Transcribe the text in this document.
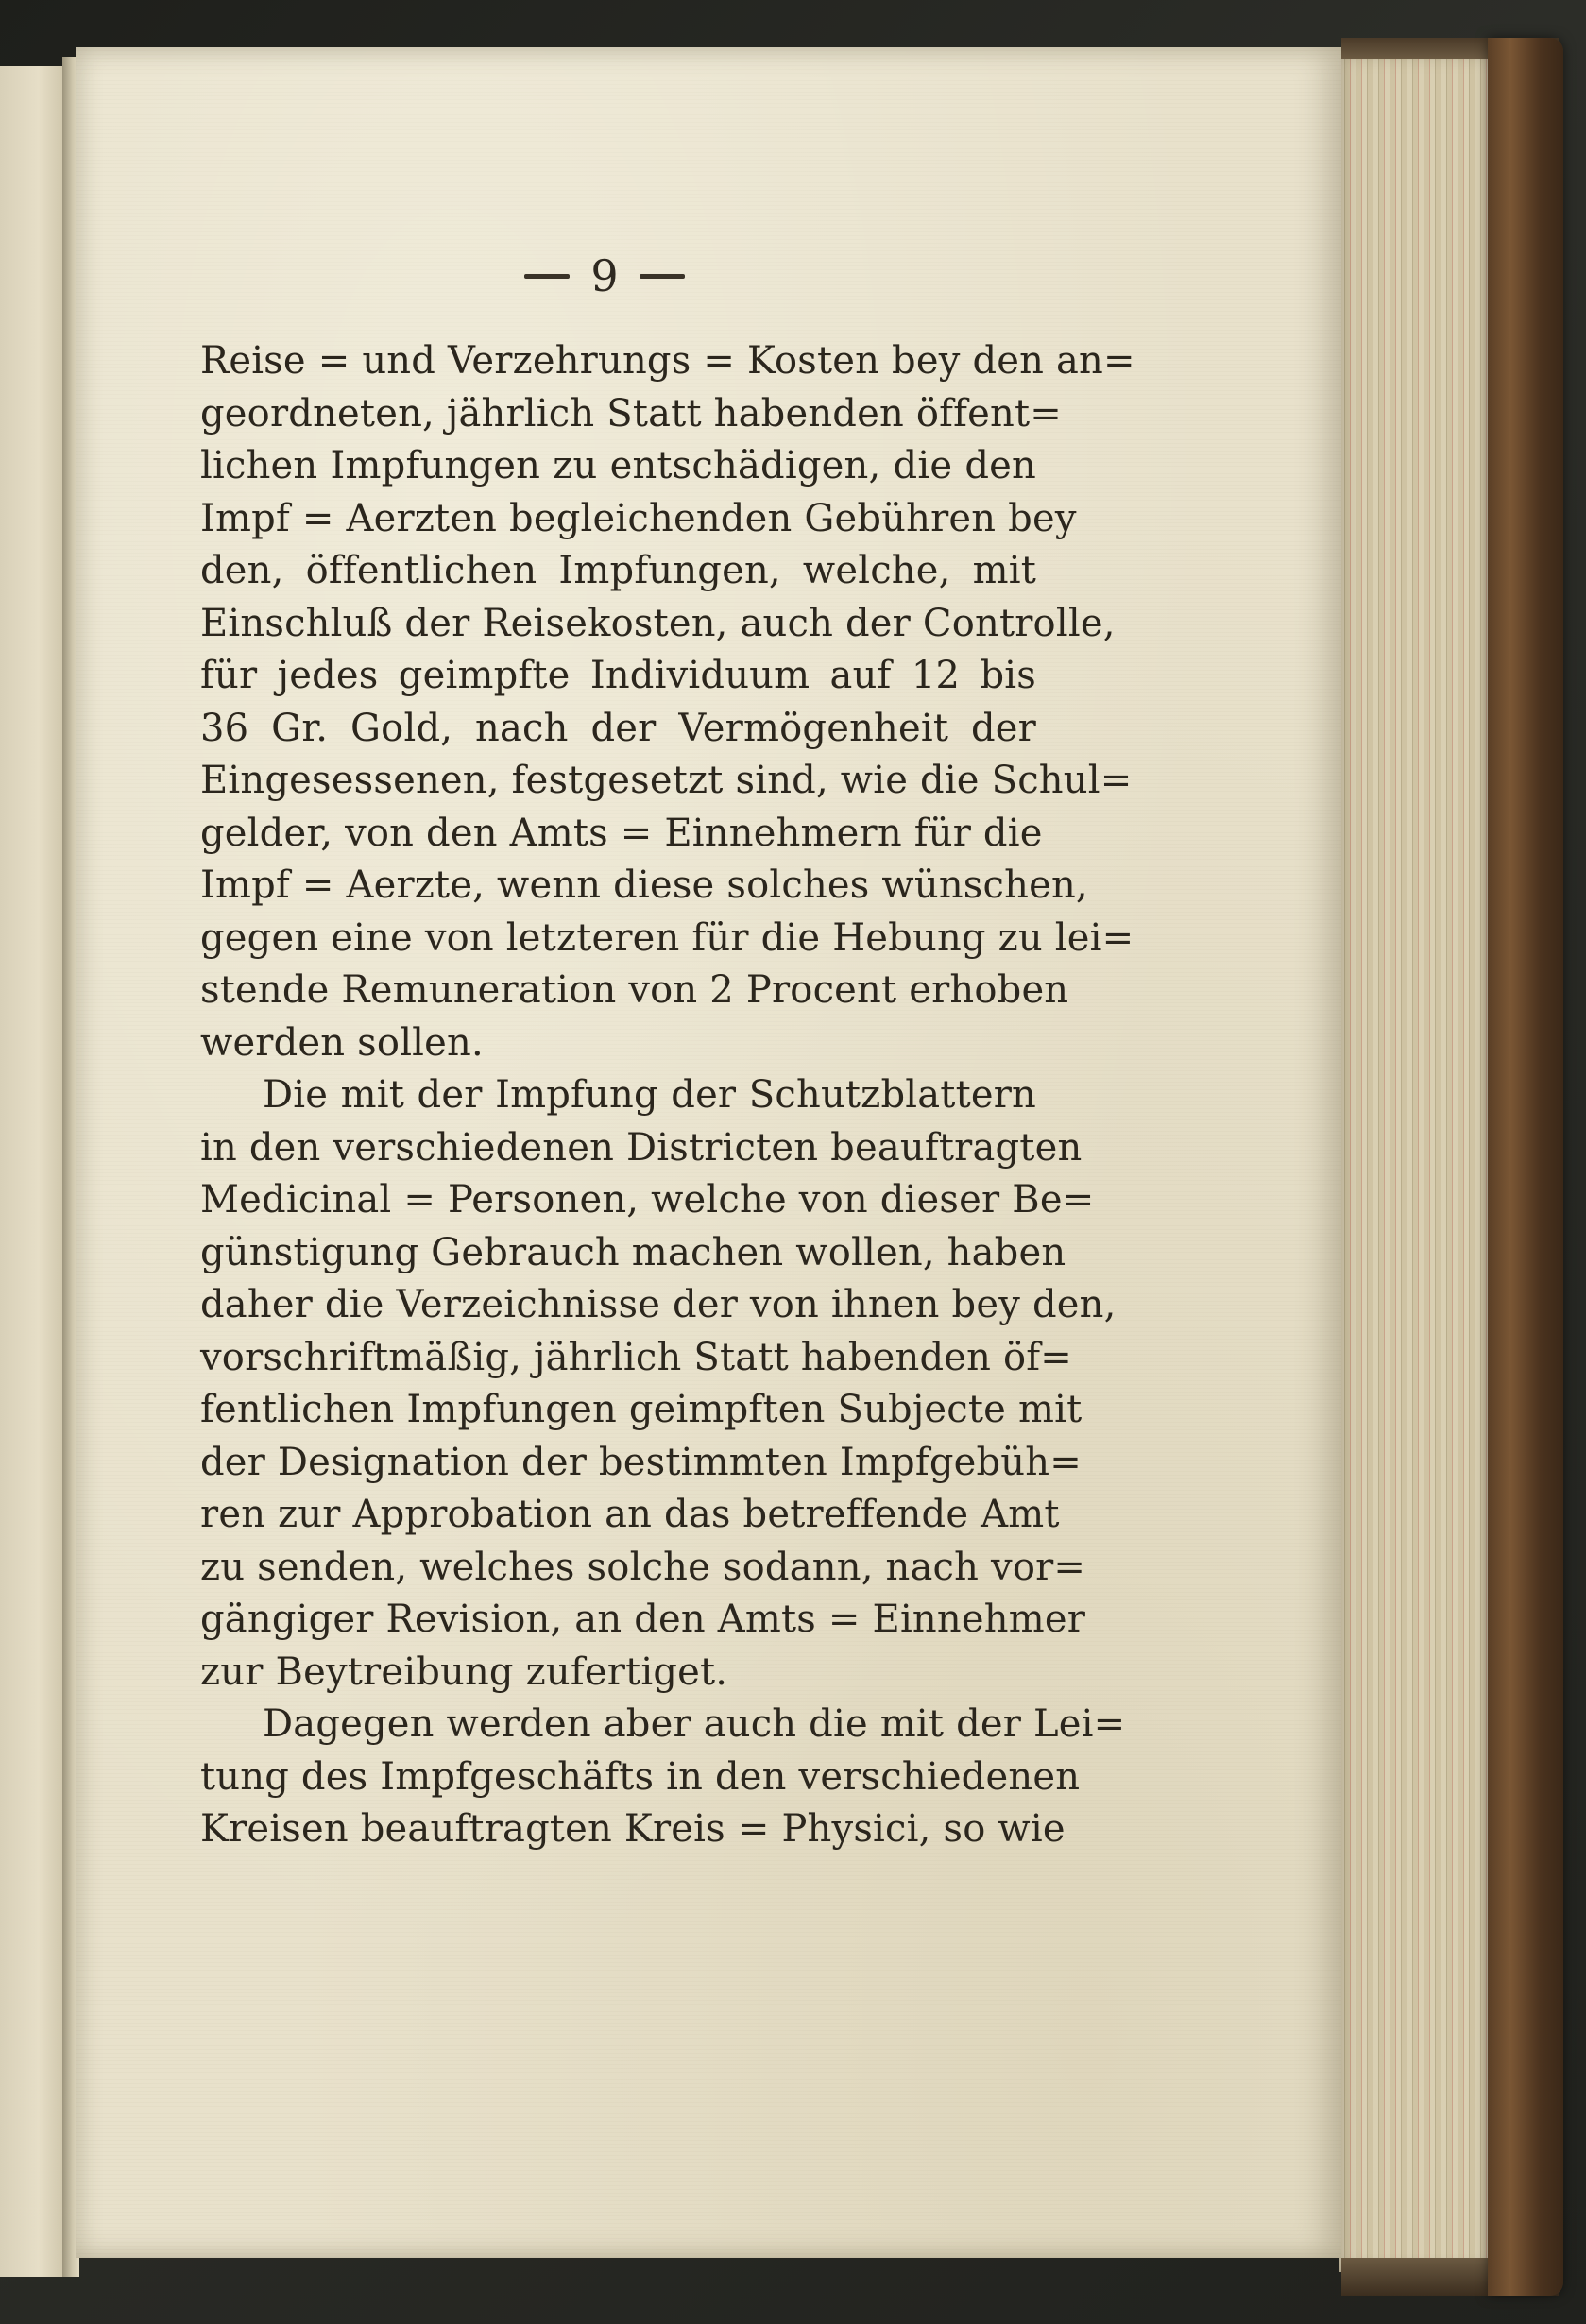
9
Reise = und Verzehrungs = Kosten bey den an=
geordneten, jährlich Statt habenden öffent=
lichen Impfungen zu entschädigen, die den
Impf = Aerzten begleichenden Gebühren bey
den, öffentlichen Impfungen, welche, mit
Einschluß der Reisekosten, auch der Controlle,
für jedes geimpfte Individuum auf 12 bis
36 Gr. Gold, nach der Vermögenheit der
Eingesessenen, festgesetzt sind, wie die Schul=
gelder, von den Amts = Einnehmern für die
Impf = Aerzte, wenn diese solches wünschen,
gegen eine von letzteren für die Hebung zu lei=
stende Remuneration von 2 Procent erhoben
werden sollen.
Die mit der Impfung der Schutzblattern
in den verschiedenen Districten beauftragten
Medicinal = Personen, welche von dieser Be=
günstigung Gebrauch machen wollen, haben
daher die Verzeichnisse der von ihnen bey den,
vorschriftmäßig, jährlich Statt habenden öf=
fentlichen Impfungen geimpften Subjecte mit
der Designation der bestimmten Impfgebüh=
ren zur Approbation an das betreffende Amt
zu senden, welches solche sodann, nach vor=
gängiger Revision, an den Amts = Einnehmer
zur Beytreibung zufertiget.
Dagegen werden aber auch die mit der Lei=
tung des Impfgeschäfts in den verschiedenen
Kreisen beauftragten Kreis = Physici, so wie
